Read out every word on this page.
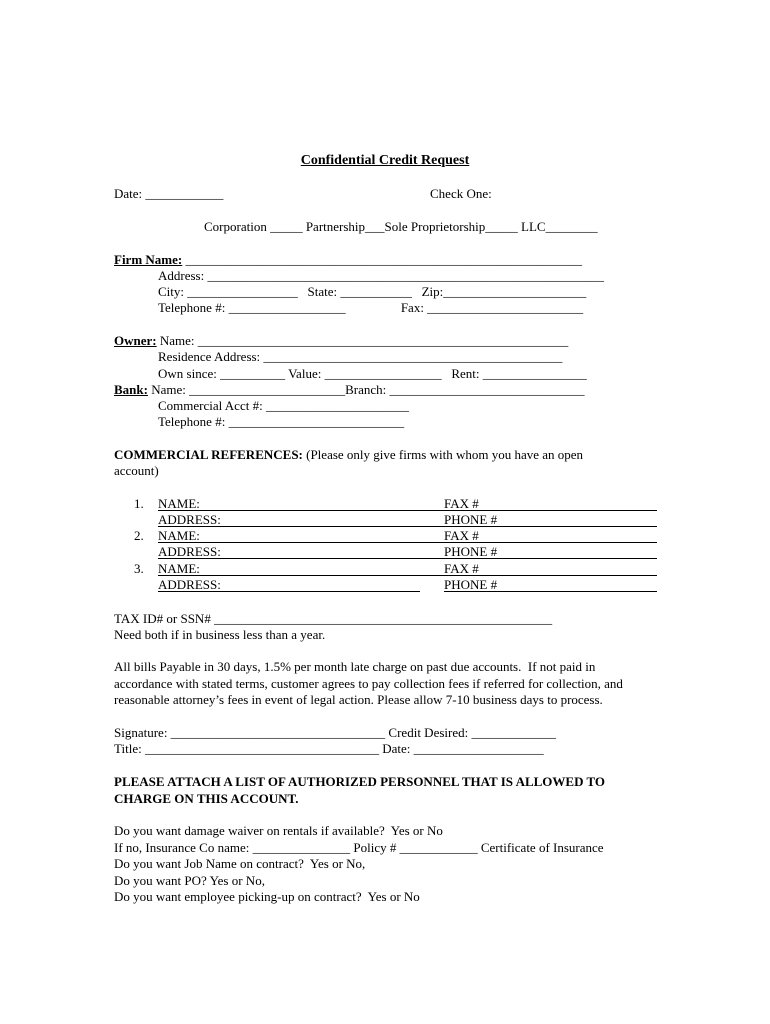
Confidential Credit Request
Date: ____________	Check One:
Corporation _____ Partnership___Sole Proprietorship_____ LLC________
Firm Name: _____________________________________________________________
Address: _____________________________________________________________
City: _________________   State: ___________   Zip:______________________
Telephone #: __________________                 Fax: ________________________
Owner: Name: _________________________________________________________
Residence Address: ______________________________________________
Own since: __________ Value: __________________   Rent: ________________
Bank: Name: ________________________Branch: ______________________________
Commercial Acct #: ______________________
Telephone #: ___________________________
COMMERCIAL REFERENCES: (Please only give firms with whom you have an open
account)
1. NAME:	FAX #
ADDRESS:	PHONE #
2. NAME:	FAX #
ADDRESS:	PHONE #
3. NAME:	FAX #
ADDRESS:	PHONE #
TAX ID# or SSN# ____________________________________________________
Need both if in business less than a year.
All bills Payable in 30 days, 1.5% per month late charge on past due accounts.  If not paid in
accordance with stated terms, customer agrees to pay collection fees if referred for collection, and
reasonable attorney’s fees in event of legal action. Please allow 7-10 business days to process.
Signature: _________________________________ Credit Desired: _____________
Title: ____________________________________ Date: ____________________
PLEASE ATTACH A LIST OF AUTHORIZED PERSONNEL THAT IS ALLOWED TO
CHARGE ON THIS ACCOUNT.
Do you want damage waiver on rentals if available?  Yes or No
If no, Insurance Co name: _______________ Policy # ____________ Certificate of Insurance
Do you want Job Name on contract?  Yes or No,
Do you want PO? Yes or No,
Do you want employee picking-up on contract?  Yes or No
